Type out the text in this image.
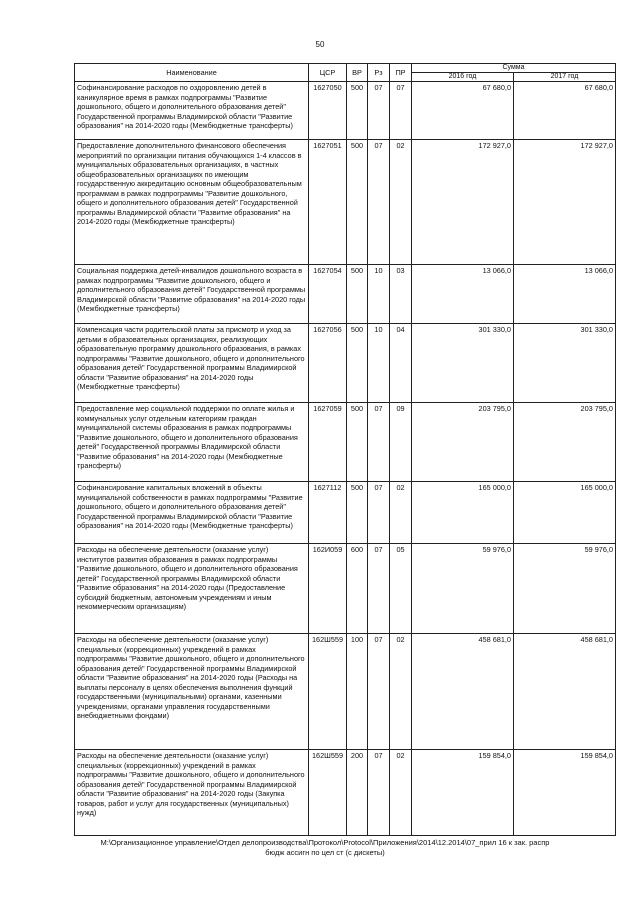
50
Наименование	ЦСР	ВР	Рз	ПР	Сумма	
					2016 год	2017 год
Софинансирование расходов по оздоровлению детей в каникулярное время в рамках подпрограммы "Развитие дошкольного, общего и дополнительного образования детей" Государственной программы Владимирской области "Развитие образования" на 2014-2020 годы (Межбюджетные трансферты)	1627050	500	07	07	67 680,0	67 680,0
Предоставление дополнительного финансового обеспечения мероприятий по организации питания обучающихся 1-4 классов в муниципальных образовательных организациях, в частных общеобразовательных организациях по имеющим государственную аккредитацию основным общеобразовательным программам в рамках подпрограммы "Развитие дошкольного, общего и дополнительного образования детей" Государственной программы Владимирской области "Развитие образования" на 2014-2020 годы (Межбюджетные трансферты)	1627051	500	07	02	172 927,0	172 927,0
Социальная поддержка детей-инвалидов дошкольного возраста в рамках подпрограммы "Развитие дошкольного, общего и дополнительного образования детей" Государственной программы Владимирской области "Развитие образования" на 2014-2020 годы (Межбюджетные трансферты)	1627054	500	10	03	13 066,0	13 066,0
Компенсация части родительской платы за присмотр и уход за детьми в образовательных организациях, реализующих образовательную программу дошкольного образования, в рамках подпрограммы "Развитие дошкольного, общего и дополнительного образования детей" Государственной программы Владимирской области "Развитие образования" на 2014-2020 годы (Межбюджетные трансферты)	1627056	500	10	04	301 330,0	301 330,0
Предоставление мер социальной поддержки по оплате жилья и коммунальных услуг отдельным категориям граждан муниципальной системы образования в рамках подпрограммы "Развитие дошкольного, общего и дополнительного образования детей" Государственной программы Владимирской области "Развитие образования" на 2014-2020 годы (Межбюджетные трансферты)	1627059	500	07	09	203 795,0	203 795,0
Софинансирование капитальных вложений в объекты муниципальной собственности в рамках подпрограммы "Развитие дошкольного, общего и дополнительного образования детей" Государственной программы Владимирской области "Развитие образования" на 2014-2020 годы (Межбюджетные трансферты)	1627112	500	07	02	165 000,0	165 000,0
Расходы на обеспечение деятельности (оказание услуг) институтов развития образования в рамках подпрограммы "Развитие дошкольного, общего и дополнительного образования детей" Государственной программы Владимирской области "Развитие образования" на 2014-2020 годы (Предоставление субсидий бюджетным, автономным учреждениям и иным некоммерческим организациям)	162И059	600	07	05	59 976,0	59 976,0
Расходы на обеспечение деятельности (оказание услуг) специальных (коррекционных) учреждений в рамках подпрограммы "Развитие дошкольного, общего и дополнительного образования детей" Государственной программы Владимирской области "Развитие образования" на 2014-2020 годы (Расходы на выплаты персоналу в целях обеспечения выполнения функций государственными (муниципальными) органами, казенными учреждениями, органами управления государственными внебюджетными фондами)	162Ш559	100	07	02	458 681,0	458 681,0
Расходы на обеспечение деятельности (оказание услуг) специальных (коррекционных) учреждений в рамках подпрограммы "Развитие дошкольного, общего и дополнительного образования детей" Государственной программы Владимирской области "Развитие образования" на 2014-2020 годы (Закупка товаров, работ и услуг для государственных (муниципальных) нужд)	162Ш559	200	07	02	159 854,0	159 854,0
М:\Организационное управление\Отдел делопроизводства\Протокол\Protocol\Приложения\2014\12.2014\07_прил 16 к зак. распр
бюдж ассигн по цел ст (с дискеты)
